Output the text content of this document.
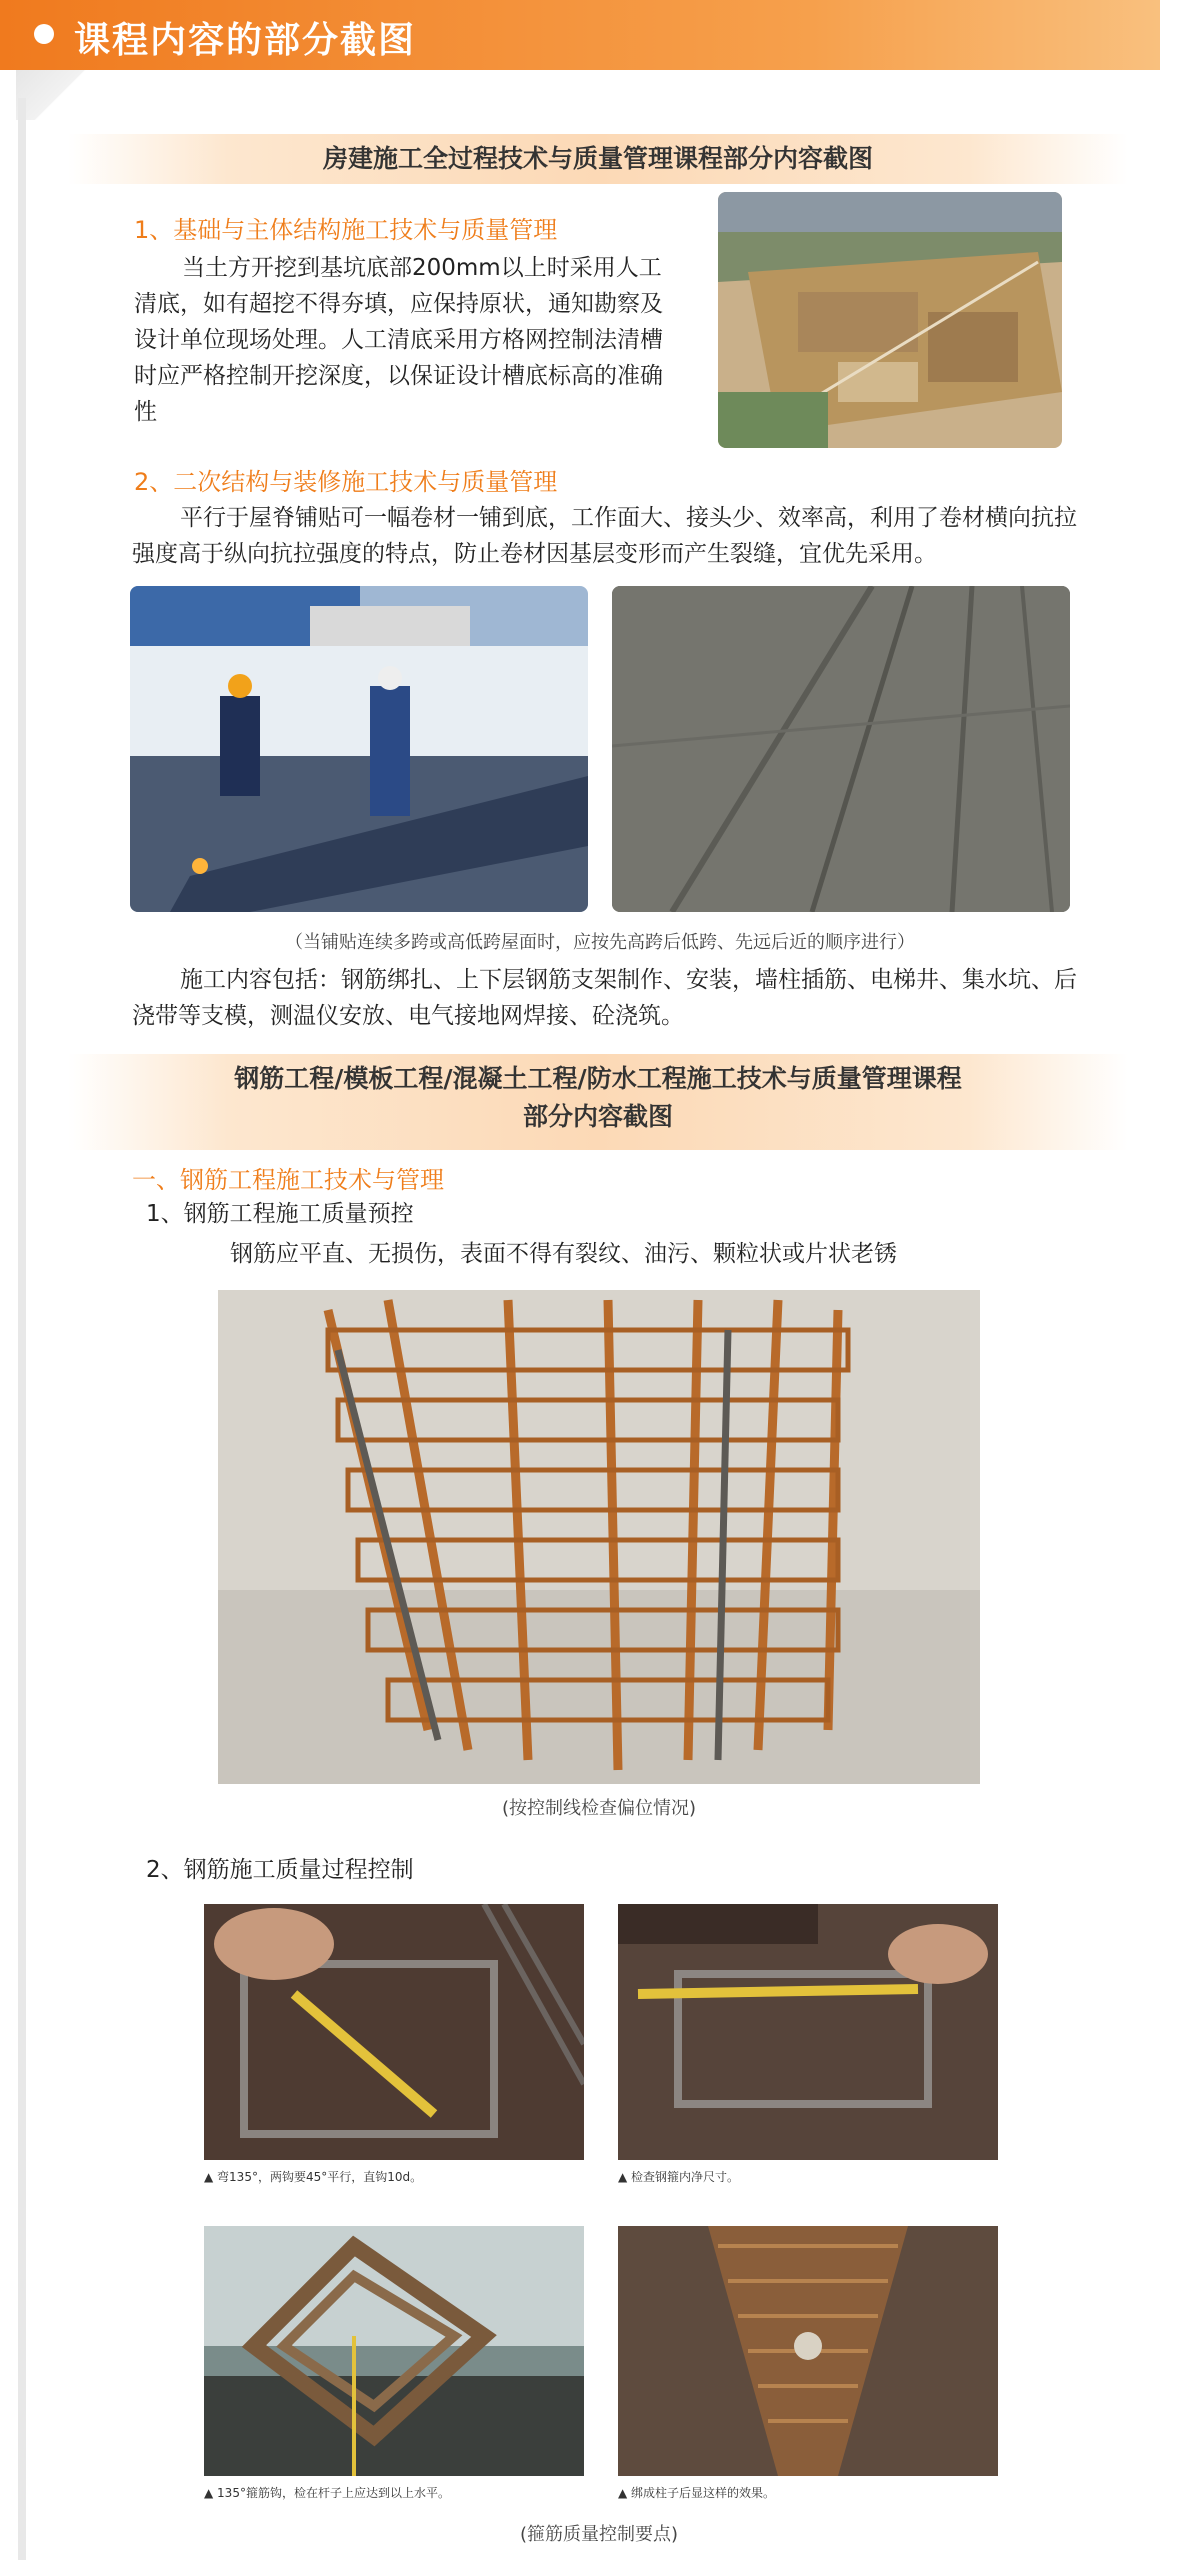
课程内容的部分截图
房建施工全过程技术与质量管理课程部分内容截图
1、基础与主体结构施工技术与质量管理
当土方开挖到基坑底部200mm以上时采用人工清底，如有超挖不得夯填，应保持原状，通知勘察及设计单位现场处理。人工清底采用方格网控制法清槽时应严格控制开挖深度，以保证设计槽底标高的准确性
2、二次结构与装修施工技术与质量管理
平行于屋脊铺贴可一幅卷材一铺到底，工作面大、接头少、效率高，利用了卷材横向抗拉强度高于纵向抗拉强度的特点，防止卷材因基层变形而产生裂缝，宜优先采用。
（当铺贴连续多跨或高低跨屋面时，应按先高跨后低跨、先远后近的顺序进行）
施工内容包括：钢筋绑扎、上下层钢筋支架制作、安装，墙柱插筋、电梯井、集水坑、后浇带等支模，测温仪安放、电气接地网焊接、砼浇筑。
钢筋工程/模板工程/混凝土工程/防水工程施工技术与质量管理课程
部分内容截图
一、钢筋工程施工技术与管理
1、钢筋工程施工质量预控
钢筋应平直、无损伤，表面不得有裂纹、油污、颗粒状或片状老锈
(按控制线检查偏位情况)
2、钢筋施工质量过程控制
▲ 弯135°，两钩要45°平行，直钩10d。	▲ 检查钢箍内净尺寸。
▲ 135°箍筋钩，检在杆子上应达到以上水平。	▲ 绑成柱子后显这样的效果。
(箍筋质量控制要点)
